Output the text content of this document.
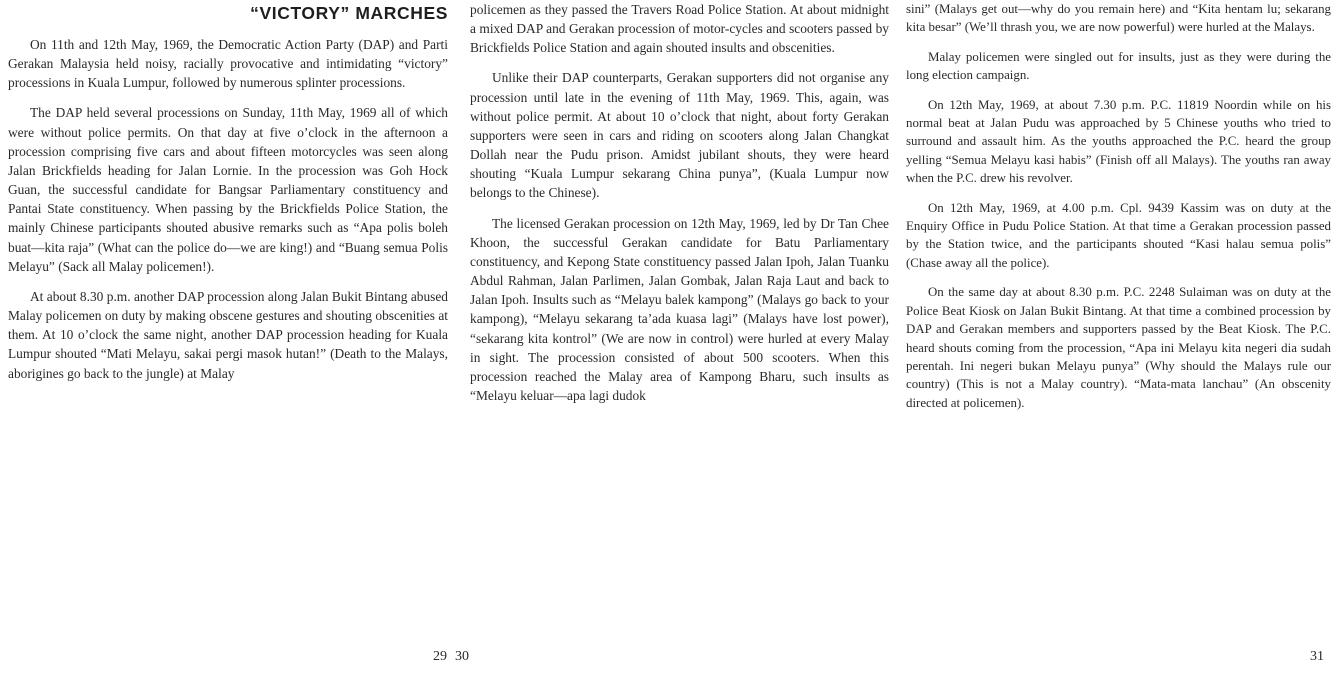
“VICTORY” MARCHES

On 11th and 12th May, 1969, the Democratic Action Party (DAP) and Parti Gerakan Malaysia held noisy, racially provocative and intimidating “victory” processions in Kuala Lumpur, followed by numerous splinter processions.

The DAP held several processions on Sunday, 11th May, 1969 all of which were without police permits. On that day at five o’clock in the afternoon a procession comprising five cars and about fifteen motorcycles was seen along Jalan Brickfields heading for Jalan Lornie. In the procession was Goh Hock Guan, the successful candidate for Bangsar Parliamentary constituency and Pantai State constituency. When passing by the Brickfields Police Station, the mainly Chinese participants shouted abusive remarks such as “Apa polis boleh buat—kita raja” (What can the police do—we are king!) and “Buang semua Polis Melayu” (Sack all Malay policemen!).

At about 8.30 p.m. another DAP procession along Jalan Bukit Bintang abused Malay policemen on duty by making obscene gestures and shouting obscenities at them. At 10 o’clock the same night, another DAP procession heading for Kuala Lumpur shouted “Mati Melayu, sakai pergi masok hutan!” (Death to the Malays, aborigines go back to the jungle) at Malay

policemen as they passed the Travers Road Police Station. At about midnight a mixed DAP and Gerakan procession of motor-cycles and scooters passed by Brickfields Police Station and again shouted insults and obscenities.

Unlike their DAP counterparts, Gerakan supporters did not organise any procession until late in the evening of 11th May, 1969. This, again, was without police permit. At about 10 o’clock that night, about forty Gerakan supporters were seen in cars and riding on scooters along Jalan Changkat Dollah near the Pudu prison. Amidst jubilant shouts, they were heard shouting “Kuala Lumpur sekarang China punya”, (Kuala Lumpur now belongs to the Chinese).

The licensed Gerakan procession on 12th May, 1969, led by Dr Tan Chee Khoon, the successful Gerakan candidate for Batu Parliamentary constituency, and Kepong State constituency passed Jalan Ipoh, Jalan Tuanku Abdul Rahman, Jalan Parlimen, Jalan Gombak, Jalan Raja Laut and back to Jalan Ipoh. Insults such as “Melayu balek kampong” (Malays go back to your kampong), “Melayu sekarang ta’ada kuasa lagi” (Malays have lost power), “sekarang kita kontrol” (We are now in control) were hurled at every Malay in sight. The procession consisted of about 500 scooters. When this procession reached the Malay area of Kampong Bharu, such insults as “Melayu keluar—apa lagi dudok

sini” (Malays get out—why do you remain here) and “Kita hentam lu; sekarang kita besar” (We’ll thrash you, we are now powerful) were hurled at the Malays.

Malay policemen were singled out for insults, just as they were during the long election campaign.

On 12th May, 1969, at about 7.30 p.m. P.C. 11819 Noordin while on his normal beat at Jalan Pudu was approached by 5 Chinese youths who tried to surround and assault him. As the youths approached the P.C. heard the group yelling “Semua Melayu kasi habis” (Finish off all Malays). The youths ran away when the P.C. drew his revolver.

On 12th May, 1969, at 4.00 p.m. Cpl. 9439 Kassim was on duty at the Enquiry Office in Pudu Police Station. At that time a Gerakan procession passed by the Station twice, and the participants shouted “Kasi halau semua polis” (Chase away all the police).

On the same day at about 8.30 p.m. P.C. 2248 Sulaiman was on duty at the Police Beat Kiosk on Jalan Bukit Bintang. At that time a combined procession by DAP and Gerakan members and supporters passed by the Beat Kiosk. The P.C. heard shouts coming from the procession, “Apa ini Melayu kita negeri dia sudah perentah. Ini negeri bukan Melayu punya” (Why should the Malays rule our country) (This is not a Malay country). “Mata-mata lanchau” (An obscenity directed at policemen).

29 30	31
